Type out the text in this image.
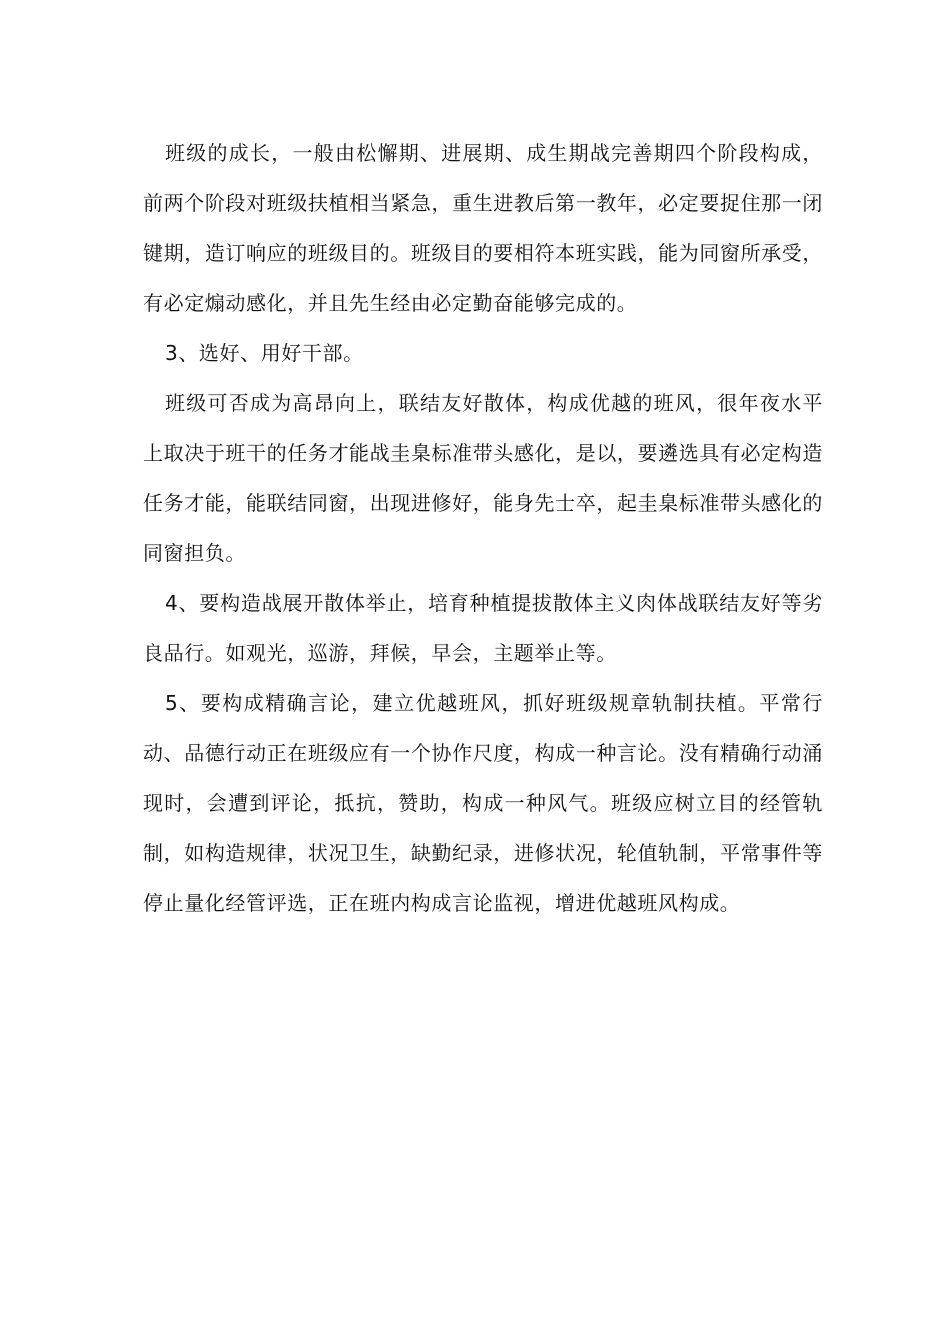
班级的成长，一般由松懈期、进展期、成生期战完善期四个阶段构成，前两个阶段对班级扶植相当紧急，重生进教后第一教年，必定要捉住那一闭键期，造订响应的班级目的。班级目的要相符本班实践，能为同窗所承受，有必定煽动感化，并且先生经由必定勤奋能够完成的。

3、选好、用好干部。

班级可否成为高昂向上，联结友好散体，构成优越的班风，很年夜水平上取决于班干的任务才能战圭臬标准带头感化，是以，要遴选具有必定构造任务才能，能联结同窗，出现进修好，能身先士卒，起圭臬标准带头感化的同窗担负。

4、要构造战展开散体举止，培育种植提拔散体主义肉体战联结友好等劣良品行。如观光，巡游，拜候，早会，主题举止等。

5、要构成精确言论，建立优越班风，抓好班级规章轨制扶植。平常行动、品德行动正在班级应有一个协作尺度，构成一种言论。没有精确行动涌现时，会遭到评论，抵抗，赞助，构成一种风气。班级应树立目的经管轨制，如构造规律，状况卫生，缺勤纪录，进修状况，轮值轨制，平常事件等停止量化经管评选，正在班内构成言论监视，增进优越班风构成。
